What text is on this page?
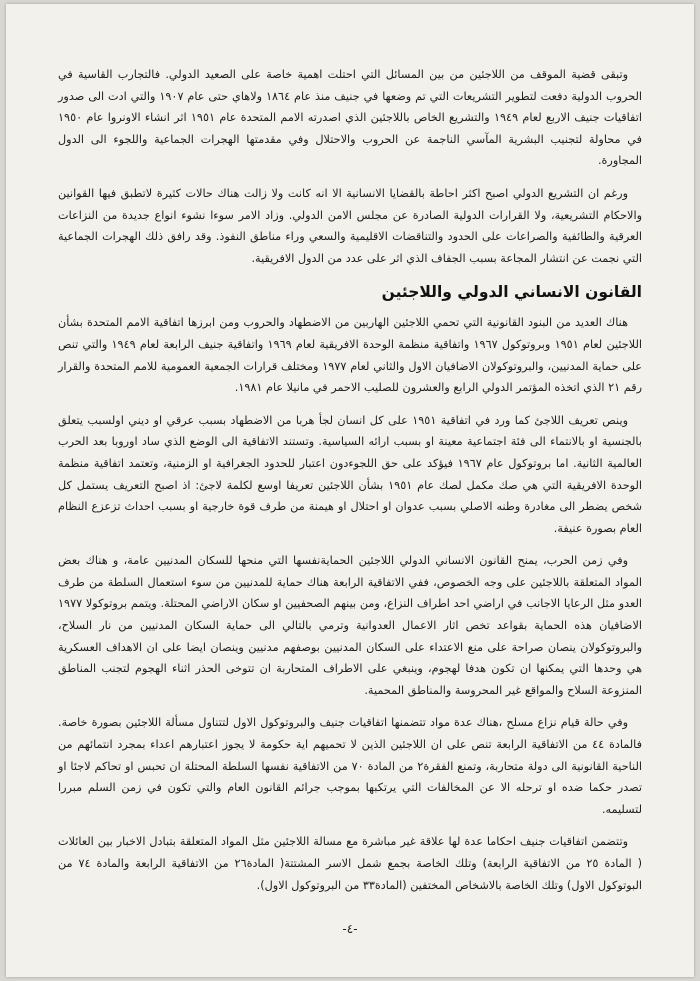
وتبقى قضية الموقف من اللاجئين من بين المسائل التي احتلت اهمية خاصة على الصعيد الدولي. فالتجارب القاسية في الحروب الدولية دفعت لتطوير التشريعات التي تم وضعها في جنيف منذ عام ١٨٦٤ ولاهاي حتى عام ١٩٠٧ والتي ادت الى صدور اتفاقيات جنيف الاربع لعام ١٩٤٩ والتشريع الخاص باللاجئين الذي اصدرته الامم المتحدة عام ١٩٥١ اثر انشاء الاونروا عام ١٩٥٠ في محاولة لتجنيب البشرية المآسي الناجمة عن الحروب والاحتلال وفي مقدمتها الهجرات الجماعية واللجوء الى الدول المجاورة.

ورغم ان التشريع الدولي اصبح اكثر احاطة بالقضايا الانسانية الا انه كانت ولا زالت هناك حالات كثيرة لاتطبق فيها القوانين والاحكام التشريعية، ولا القرارات الدولية الصادرة عن مجلس الامن الدولي. وزاد الامر سوءا نشوء انواع جديدة من النزاعات العرقية والطائفية والصراعات على الحدود والتناقضات الاقليمية والسعي وراء مناطق النفوذ. وقد رافق ذلك الهجرات الجماعية التي نجمت عن انتشار المجاعة بسبب الجفاف الذي اثر على عدد من الدول الافريقية.

القانون الانساني الدولي واللاجئين

هناك العديد من البنود القانونية التي تحمي اللاجئين الهاربين من الاضطهاد والحروب ومن ابرزها اتفاقية الامم المتحدة بشأن اللاجئين لعام ١٩٥١ وبروتوكول ١٩٦٧ واتفاقية منظمة الوحدة الافريقية لعام ١٩٦٩ واتفاقية جنيف الرابعة لعام ١٩٤٩ والتي تنص على حماية المدنيين، والبروتوكولان الاضافيان الاول والثاني لعام ١٩٧٧ ومختلف قرارات الجمعية العمومية للامم المتحدة والقرار رقم ٢١ الذي اتخذه المؤتمر الدولي الرابع والعشرون للصليب الاحمر في مانيلا عام ١٩٨١.

وينص تعريف اللاجئ كما ورد في اتفاقية ١٩٥١ على كل انسان لجأ هربا من الاضطهاد بسبب عرقي او ديني اولسبب يتعلق بالجنسية او بالانتماء الى فئة اجتماعية معينة او بسبب ارائه السياسية. وتستند الاتفاقية الى الوضع الذي ساد اوروبا بعد الحرب العالمية الثانية. اما بروتوكول عام ١٩٦٧ فيؤكد على حق اللجوءدون اعتبار للحدود الجغرافية او الزمنية، وتعتمد اتفاقية منظمة الوحدة الافريقية التي هي صك مكمل لصك عام ١٩٥١ بشأن اللاجئين تعريفا اوسع لكلمة لاجئ: اذ اصبح التعريف يستمل كل شخص يضطر الى مغادرة وطنه الاصلي بسبب عدوان او احتلال او هيمنة من طرف قوة خارجية او بسبب احداث تزعزع النظام العام بصورة عنيفة.

وفي زمن الحرب، يمنح القانون الانساني الدولي اللاجئين الحمايةنفسها التي منحها للسكان المدنيين عامة، و هناك بعض المواد المتعلقة باللاجئين على وجه الخصوص، ففي الاتفاقية الرابعة هناك حماية للمدنيين من سوء استعمال السلطة من طرف العدو مثل الرعايا الاجانب في اراضي احد اطراف النزاع، ومن بينهم الصحفيين او سكان الاراضي المحتلة. ويتمم بروتوكولا ١٩٧٧ الاضافيان هذه الحماية بقواعد تخص اثار الاعمال العدوانية وترمي بالتالي الى حماية السكان المدنيين من نار السلاح، والبروتوكولان ينصان صراحة على منع الاعتداء على السكان المدنيين بوصفهم مدنيين وينصان ايضا على ان الاهداف العسكرية هي وحدها التي يمكنها ان تكون هدفا لهجوم، وينبغي على الاطراف المتحاربة ان تتوخى الحذر اثناء الهجوم لتجنب المناطق المنزوعة السلاح والمواقع غير المحروسة والمناطق المحمية.

وفي حالة قيام نزاع مسلح ،هناك عدة مواد تتضمنها اتفاقيات جنيف والبروتوكول الاول لتتناول مسألة اللاجئين بصورة خاصة. فالمادة ٤٤ من الاتفاقية الرابعة تنص على ان اللاجئين الذين لا تحميهم اية حكومة لا يجوز اعتبارهم اعداء بمجرد انتمائهم من الناحية القانونية الى دولة متحاربة، وتمنع الفقرة٢ من المادة ٧٠ من الاتفاقية نفسها السلطة المحتلة ان تحبس او تحاكم لاجئا او تصدر حكما ضده او ترحله الا عن المخالفات التي يرتكبها بموجب جرائم القانون العام والتي تكون في زمن السلم مبررا لتسليمه.

وتتضمن اتفاقيات جنيف احكاما عدة لها علاقة غير مباشرة مع مسالة اللاجئين مثل المواد المتعلقة بتبادل الاخبار بين العائلات ( المادة ٢٥ من الاتفاقية الرابعة) وتلك الخاصة بجمع شمل الاسر المشتتة( المادة٢٦ من الاتفاقية الرابعة والمادة ٧٤ من البوتوكول الاول) وتلك الخاصة بالاشخاص المختفين (المادة٣٣ من البروتوكول الاول).

-٤-
